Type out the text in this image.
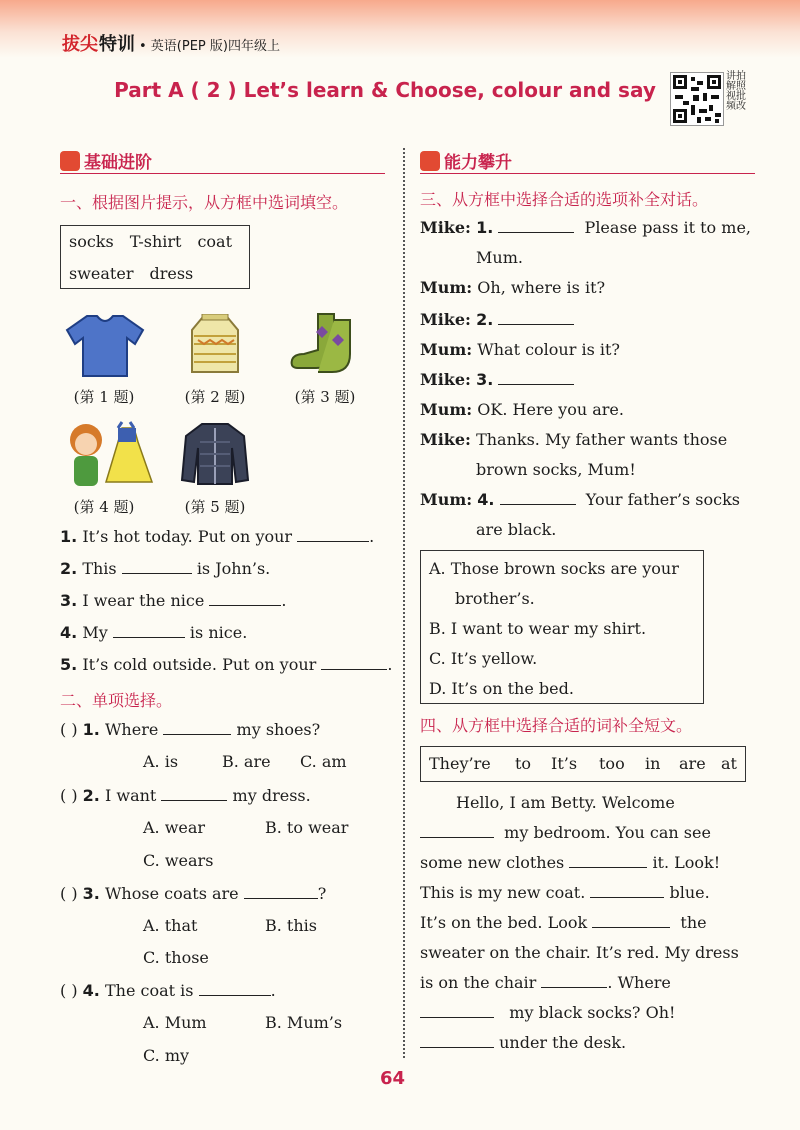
拔尖特训 • 英语(PEP 版)四年级上
Part A ( 2 ) Let’s learn & Choose, colour and say
讲拍解照视批频改
基础进阶
一、根据图片提示，从方框中选词填空。
socks T-shirt coat
sweater dress
(第 1 题)	(第 2 题)	(第 3 题)
(第 4 题)	(第 5 题)
1. It’s hot today. Put on your	.
2. This	is John’s.
3. I wear the nice	.
4. My	is nice.
5. It’s cold outside. Put on your	.
二、单项选择。
( ) 1. Where	my shoes?
A. is	B. are C. am
( ) 2. I want	my dress.
A. wear	B. to wear
C. wears
( ) 3. Whose coats are	?
A. that	B. this
C. those
( ) 4. The coat is	.
A. Mum	B. Mum’s
C. my
能力攀升
三、从方框中选择合适的选项补全对话。
Mike: 1.	Please pass it to me,
Mum.
Mum: Oh, where is it?
Mike: 2.
Mum: What colour is it?
Mike: 3.
Mum: OK. Here you are.
Mike: Thanks. My father wants those
brown socks, Mum!
Mum: 4.	Your father’s socks
are black.
A. Those brown socks are your
brother’s.
B. I want to wear my shirt.
C. It’s yellow.
D. It’s on the bed.
四、从方框中选择合适的词补全短文。
They’re to It’s too in are at
Hello, I am Betty. Welcome
my bedroom. You can see
some new clothes	it. Look!
This is my new coat.	blue.
It’s on the bed. Look	the
sweater on the chair. It’s red. My dress
is on the chair	. Where
my black socks? Oh!
under the desk.
64
